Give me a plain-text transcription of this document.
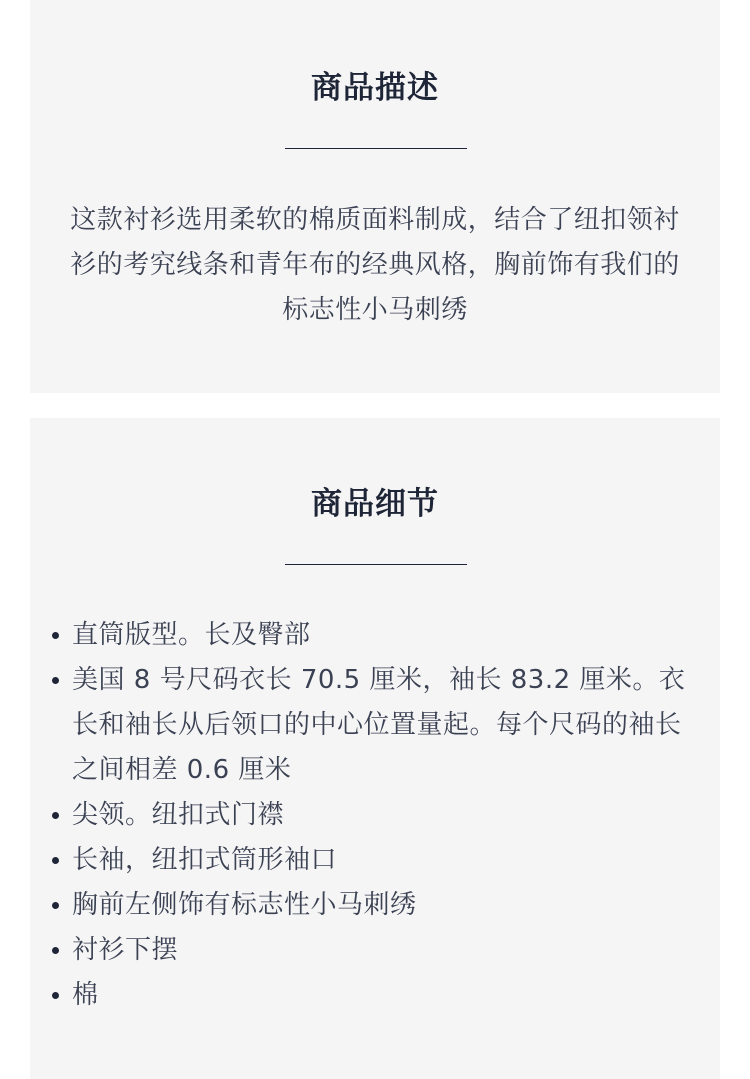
商品描述

这款衬衫选用柔软的棉质面料制成，结合了纽扣领衬衫的考究线条和青年布的经典风格，胸前饰有我们的标志性小马刺绣

商品细节
直筒版型。长及臀部
美国 8 号尺码衣长 70.5 厘米，袖长 83.2 厘米。衣长和袖长从后领口的中心位置量起。每个尺码的袖长之间相差 0.6 厘米
尖领。纽扣式门襟
长袖，纽扣式筒形袖口
胸前左侧饰有标志性小马刺绣
衬衫下摆
棉
